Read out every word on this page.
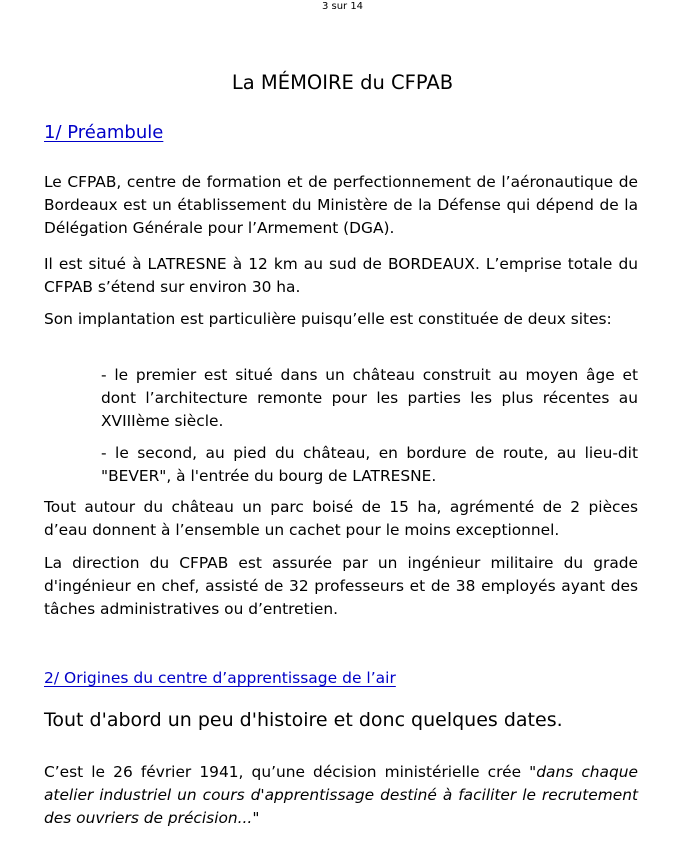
3 sur 14
La MÉMOIRE du CFPAB
1/ Préambule

Le CFPAB, centre de formation et de perfectionnement de l’aéronautique de Bordeaux est un établissement du Ministère de la Défense qui dépend de la Délégation Générale pour l’Armement (DGA).

Il est situé à LATRESNE à 12 km au sud de BORDEAUX. L’emprise totale du CFPAB s’étend sur environ 30 ha.

Son implantation est particulière puisqu’elle est constituée de deux sites:

- le premier est situé dans un château construit au moyen âge et dont l’architecture remonte pour les parties les plus récentes au XVIIIème siècle.

- le second, au pied du château, en bordure de route, au lieu-dit "BEVER", à l'entrée du bourg de LATRESNE.

Tout autour du château un parc boisé de 15 ha, agrémenté de 2 pièces d’eau donnent à l’ensemble un cachet pour le moins exceptionnel.

La direction du CFPAB est assurée par un ingénieur militaire du grade d'ingénieur en chef, assisté de 32 professeurs et de 38 employés ayant des tâches administratives ou d’entretien.

2/ Origines du centre d’apprentissage de l’air

Tout d'abord un peu d'histoire et donc quelques dates.

C’est le 26 février 1941, qu’une décision ministérielle crée "dans chaque atelier industriel un cours d'apprentissage destiné à faciliter le recrutement des ouvriers de précision..."
